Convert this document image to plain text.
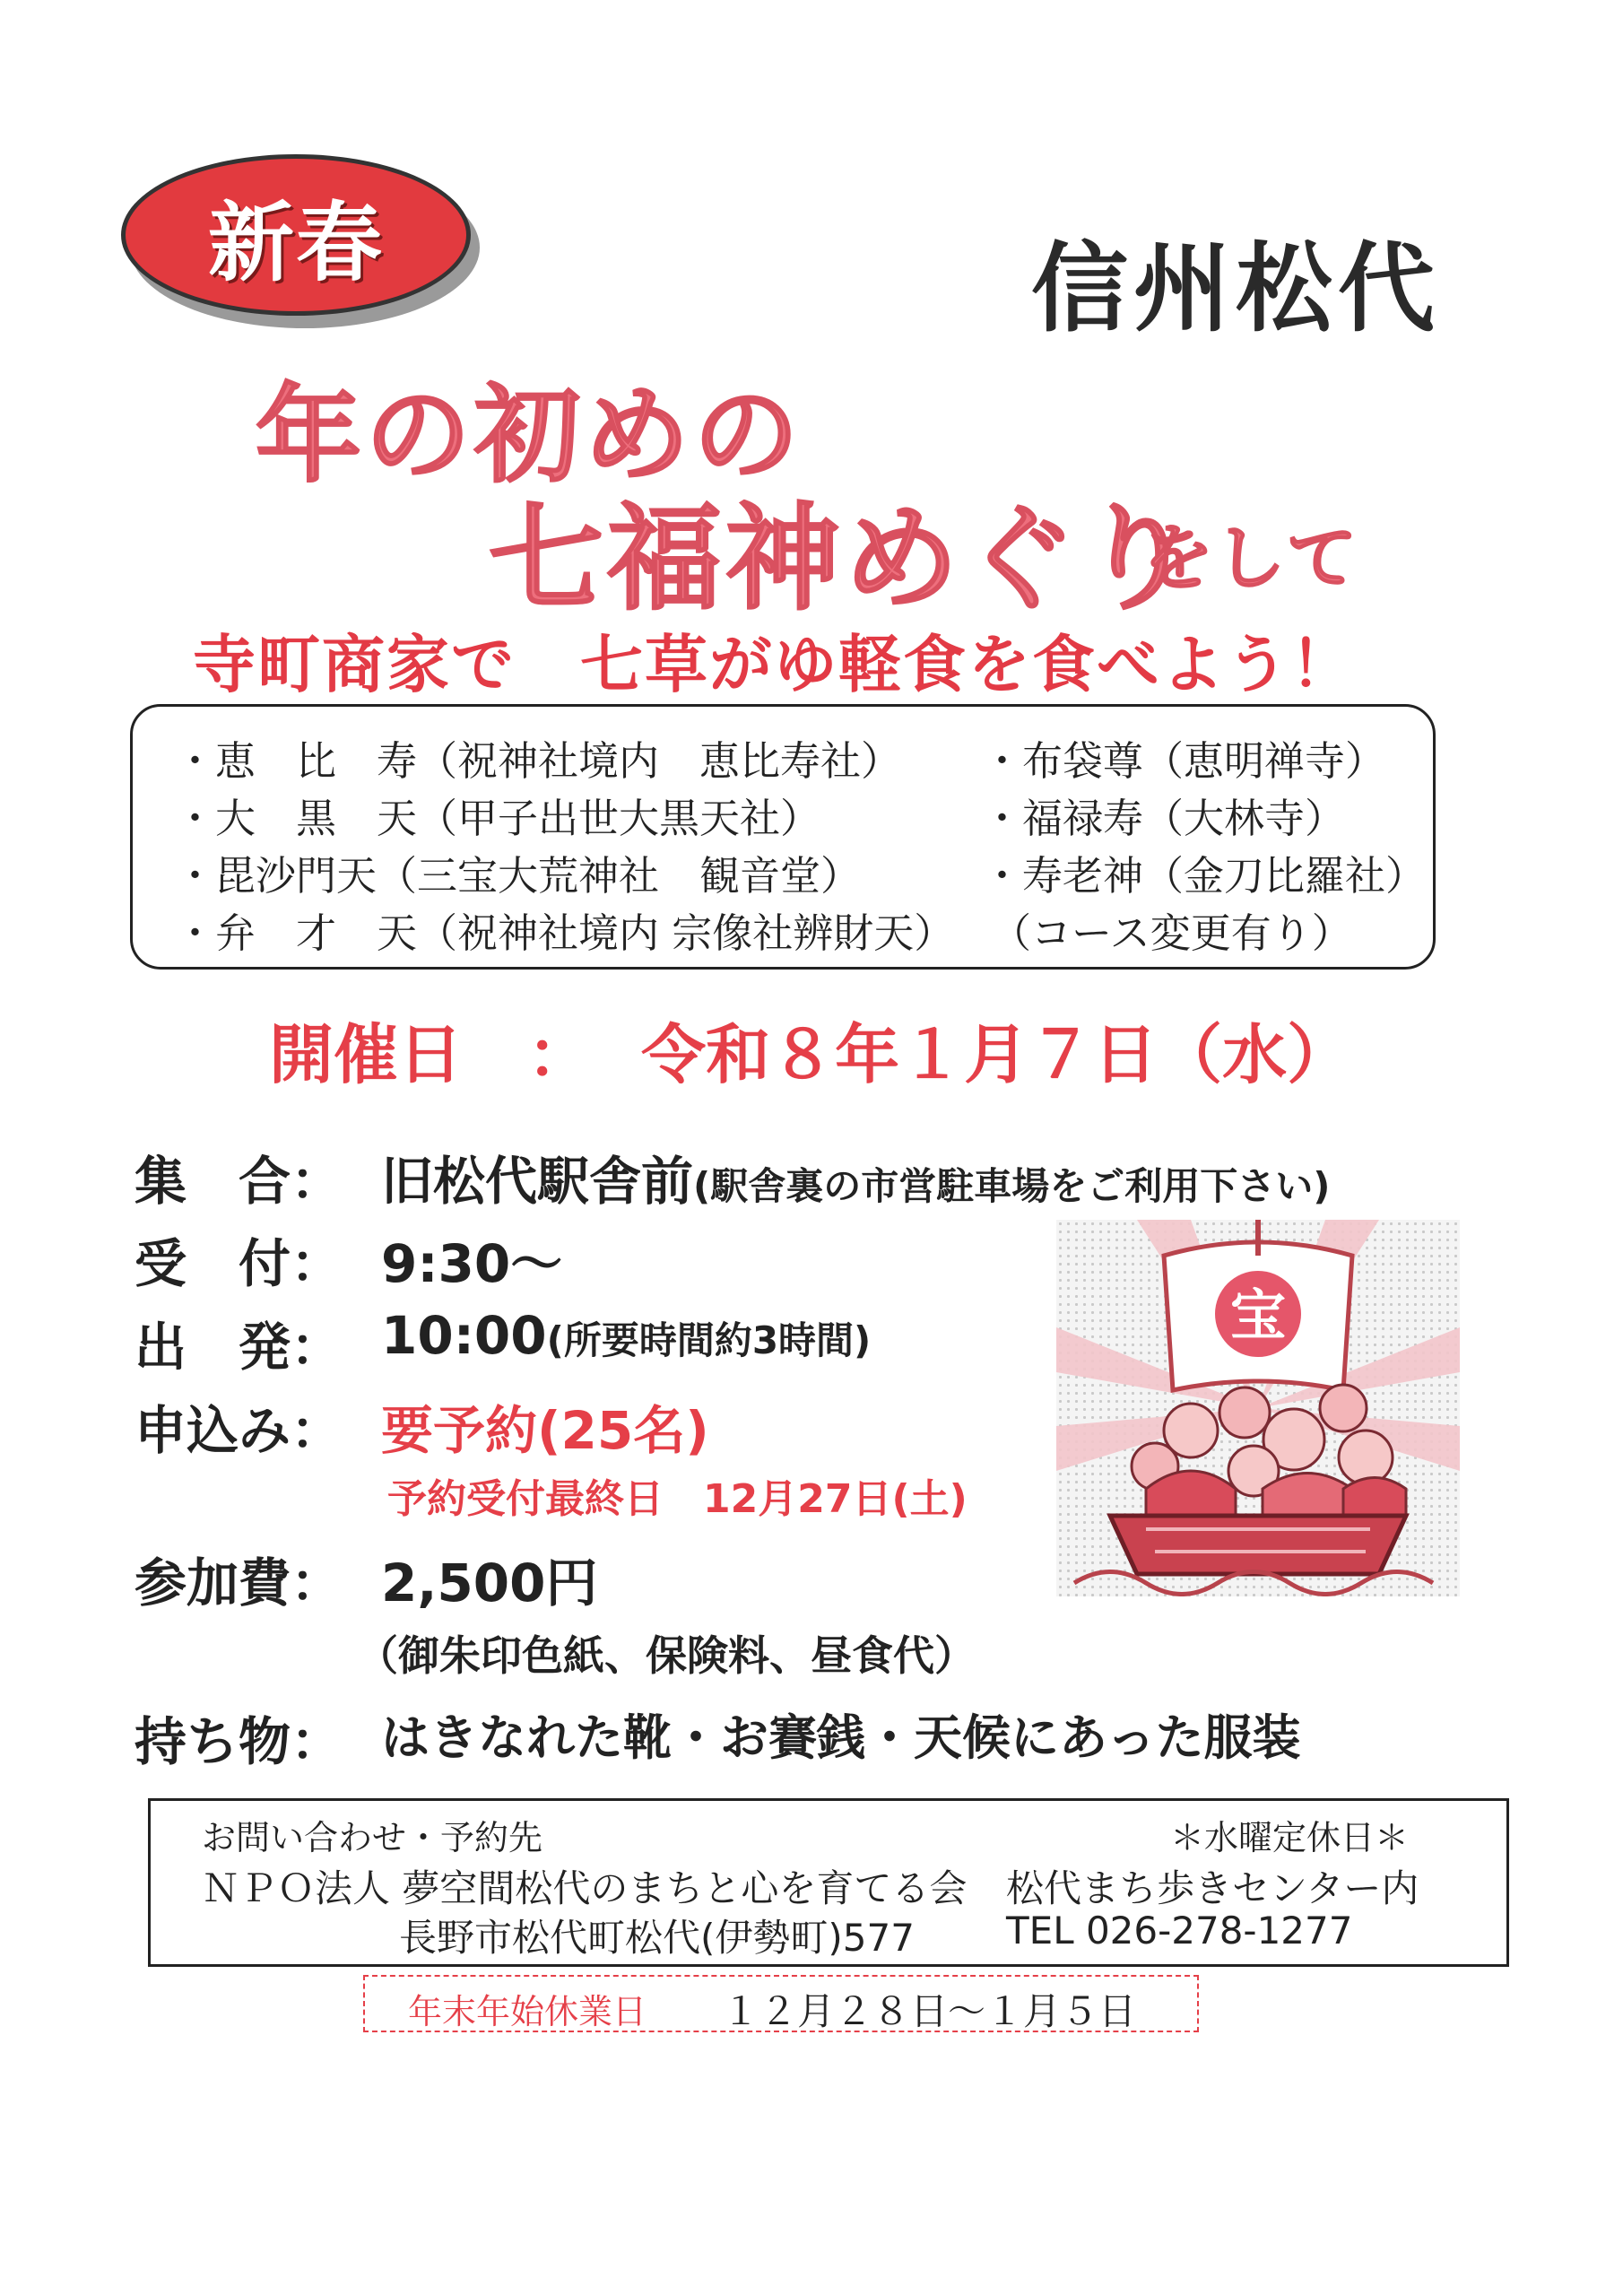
新春	信州松代
年の初めの
七福神めぐり
をして
寺町商家で　七草がゆ軽食を食べよう！
・恵　比　寿（祝神社境内　恵比寿社）
・大　黒　天（甲子出世大黒天社）
・毘沙門天（三宝大荒神社　観音堂）
・弁　才　天（祝神社境内 宗像社辨財天）
・布袋尊（恵明禅寺）
・福禄寿（大林寺）
・寿老神（金刀比羅社）
（コース変更有り）
開催日　： 令和８年１月７日（水）
集　合： 旧松代駅舎前(駅舎裏の市営駐車場をご利用下さい)
受　付： 9:30〜
出　発： 10:00(所要時間約3時間)
申込み： 要予約(25名)
予約受付最終日　12月27日(土)
参加費： 2,500円
（御朱印色紙、保険料、昼食代）
持ち物： はきなれた靴・お賽銭・天候にあった服装
宝
お問い合わせ・予約先	＊水曜定休日＊
ＮＰＯ法人 夢空間松代のまちと心を育てる会 松代まち歩きセンター内
長野市松代町松代(伊勢町)577 TEL 026-278-1277
年末年始休業日 １２月２８日〜１月５日
